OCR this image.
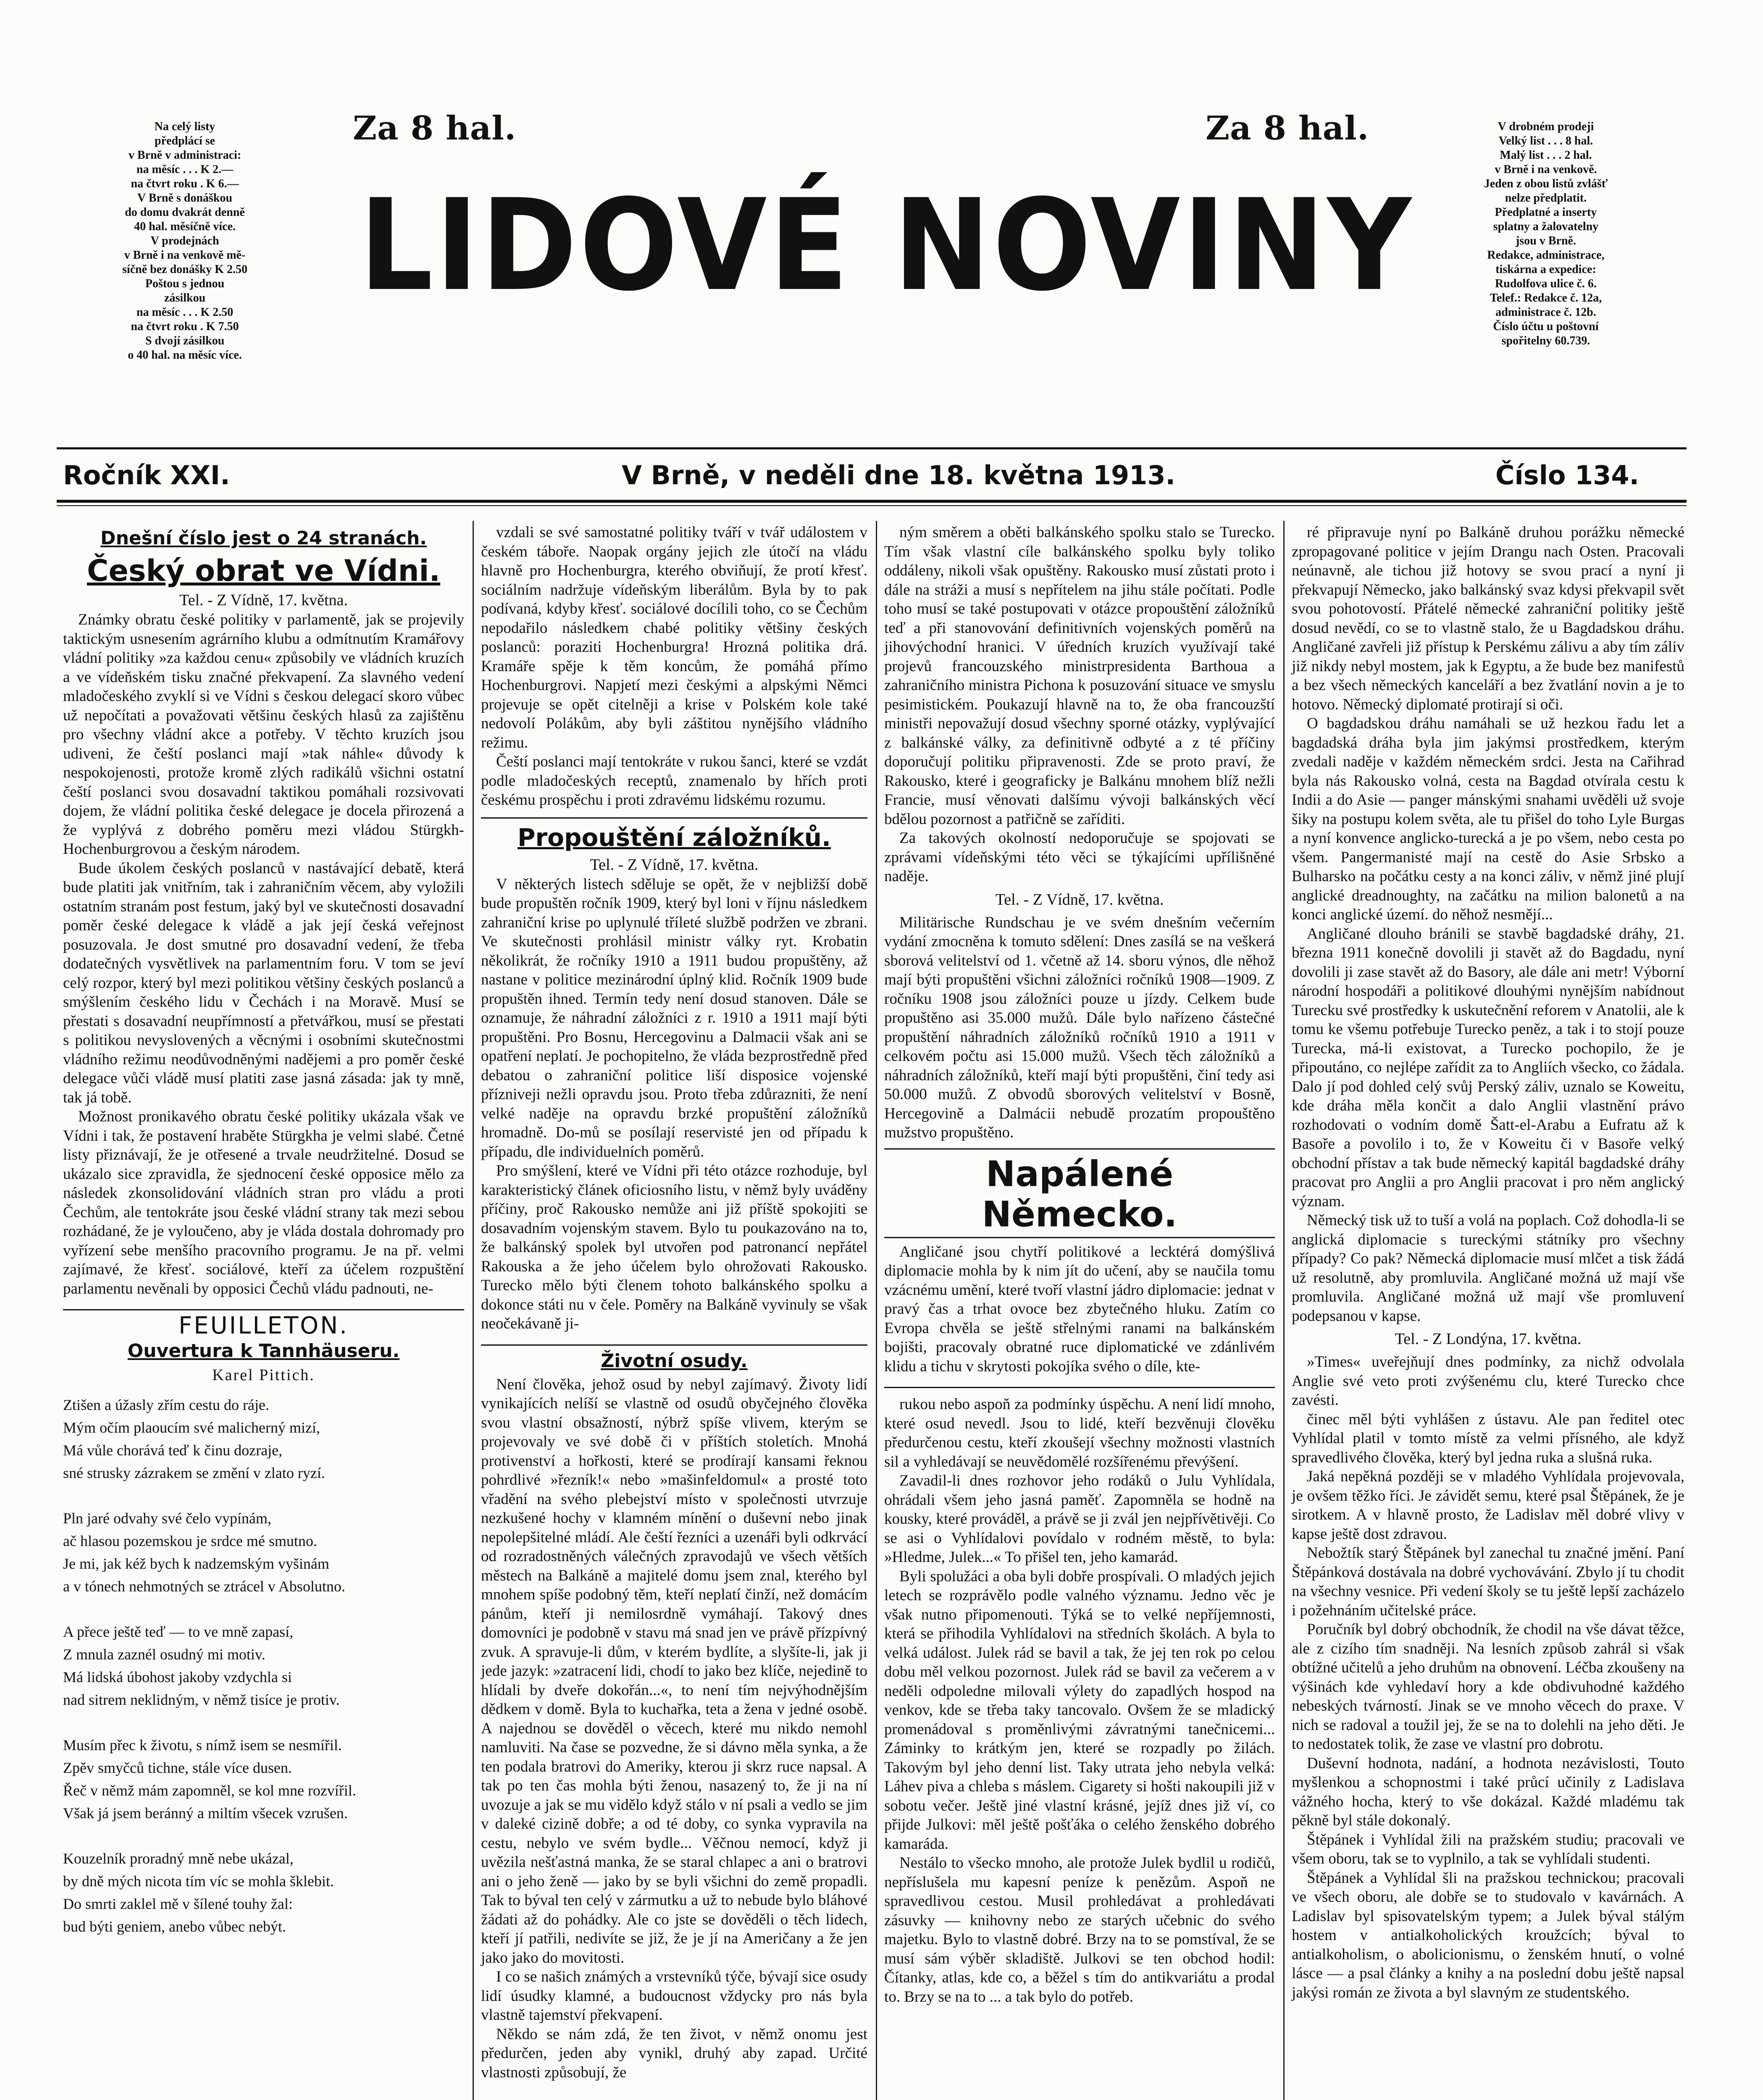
Na celý listy
předplácí se
v Brně v administraci:
na měsíc . . . K 2.—
na čtvrt roku . K 6.—
V Brně s donáškou
do domu dvakrát denně
40 hal. měsíčně více.
V prodejnách
v Brně i na venkově mě-
síčně bez donášky K 2.50
Poštou s jednou
zásilkou
na měsíc . . . K 2.50
na čtvrt roku . K 7.50
S dvojí zásilkou
o 40 hal. na měsíc více.
Za 8 hal.	Za 8 hal.
LIDOVÉ NOVINY
V drobném prodeji
Velký list . . . 8 hal.
Malý list . . . 2 hal.
v Brně i na venkově.
Jeden z obou listů zvlášť
nelze předplatit.
Předplatné a inserty
splatny a žalovatelny
jsou v Brně.
Redakce, administrace,
tiskárna a expedice:
Rudolfova ulice č. 6.
Telef.: Redakce č. 12a,
administrace č. 12b.
Číslo účtu u poštovní
spořitelny 60.739.
Ročník XXI.	V Brně, v neděli dne 18. května 1913.	Číslo 134.
Dnešní číslo jest o 24 stranách.
Český obrat ve Vídni.
Tel. - Z Vídně, 17. května.

Známky obratu české politiky v parlamentě, jak se projevily taktickým usnesením agrárního klubu a odmítnutím Kramářovy vládní politiky »za každou cenu« způsobily ve vládních kruzích a ve vídeňském tisku značné překvapení. Za slavného vedení mladočeského zvyklí si ve Vídni s českou delegací skoro vůbec už nepočítati a považovati většinu českých hlasů za zajištěnu pro všechny vládní akce a potřeby. V těchto kruzích jsou udiveni, že čeští poslanci mají »tak náhle« důvody k nespokojenosti, protože kromě zlých radikálů všichni ostatní čeští poslanci svou dosavadní taktikou pomáhali rozsivovati dojem, že vládní politika české delegace je docela přirozená a že vyplývá z dobrého poměru mezi vládou Stürgkh-Hochenburgrovou a českým národem.

Bude úkolem českých poslanců v nastávající debatě, která bude platiti jak vnitřním, tak i zahraničním věcem, aby vyložili ostatním stranám post festum, jaký byl ve skutečnosti dosavadní poměr české delegace k vládě a jak její česká veřejnost posuzovala. Je dost smutné pro dosavadní vedení, že třeba dodatečných vysvětlivek na parlamentním foru. V tom se jeví celý rozpor, který byl mezi politikou většiny českých poslanců a smýšlením českého lidu v Čechách i na Moravě. Musí se přestati s dosavadní neupřímností a přetvářkou, musí se přestati s politikou nevyslovených a věcnými i osobními skutečnostmi vládního režimu neodůvodněnými nadějemi a pro poměr české delegace vůči vládě musí platiti zase jasná zásada: jak ty mně, tak já tobě.

Možnost pronikavého obratu české politiky ukázala však ve Vídni i tak, že postavení hraběte Stürgkha je velmi slabé. Četné listy přiznávají, že je otřesené a trvale neudržitelné. Dosud se ukázalo sice zpravidla, že sjednocení české opposice mělo za následek zkonsolidování vládních stran pro vládu a proti Čechům, ale tentokráte jsou české vládní strany tak mezi sebou rozhádané, že je vyloučeno, aby je vláda dostala dohromady pro vyřízení sebe menšího pracovního programu. Je na př. velmi zajímavé, že křesť. sociálové, kteří za účelem rozpuštění parlamentu nevěnali by opposici Čechů vládu padnouti, ne-

FEUILLETON.
Ouvertura k Tannhäuseru.
Karel Pittich.

Ztišen a úžasly zřím cestu do ráje.

Mým očím plaoucím své malicherný mizí,

Má vůle chorává teď k činu dozraje,

sné strusky zázrakem se změní v zlato ryzí.

Pln jaré odvahy své čelo vypínám,

ač hlasou pozemskou je srdce mé smutno.

Je mi, jak kéž bych k nadzemským vyšinám

a v tónech nehmotných se ztrácel v Absolutno.

A přece ještě teď — to ve mně zapasí,

Z mnula zaznél osudný mi motiv.

Má lidská úbohost jakoby vzdychla si

nad sitrem neklidným, v němž tisíce je protiv.

Musím přec k životu, s nímž isem se nesmířil.

Zpěv smyčců tichne, stále více dusen.

Řeč v němž mám zapomněl, se kol mne rozvířil.

Však já jsem beránný a miltím všecek vzrušen.

Kouzelník proradný mně nebe ukázal,

by dně mých nicota tím víc se mohla šklebit.

Do smrti zaklel mě v šílené touhy žal:

bud býti geniem, anebo vůbec nebýt.

vzdali se své samostatné politiky tváří v tvář událostem v českém táboře. Naopak orgány jejich zle útočí na vládu hlavně pro Hochenburgra, kterého obviňují, že protí křesť. sociálním nadržuje vídeňským liberálům. Byla by to pak podívaná, kdyby křesť. sociálové docílili toho, co se Čechům nepodařilo následkem chabé politiky většiny českých poslanců: poraziti Hochenburgra! Hrozná politika drá. Kramáře spěje k těm koncům, že pomáhá přímo Hochenburgrovi. Napjetí mezi českými a alpskými Němci projevuje se opět citelněji a krise v Polském kole také nedovolí Polákům, aby byli záštitou nynějšího vládního režimu.

Čeští poslanci mají tentokráte v rukou šanci, které se vzdát podle mladočeských receptů, znamenalo by hřích proti českému prospěchu i proti zdravému lidskému rozumu.

Propouštění záložníků.
Tel. - Z Vídně, 17. května.

V některých listech sděluje se opět, že v nejbližší době bude propuštěn ročník 1909, který byl loni v říjnu následkem zahraniční krise po uplynulé tříleté službě podržen ve zbrani. Ve skutečnosti prohlásil ministr války ryt. Krobatin několikrát, že ročníky 1910 a 1911 budou propuštěny, až nastane v politice mezinárodní úplný klid. Ročník 1909 bude propuštěn ihned. Termín tedy není dosud stanoven. Dále se oznamuje, že náhradní záložníci z r. 1910 a 1911 mají býti propuštěni. Pro Bosnu, Hercegovinu a Dalmacii však ani se opatření neplatí. Je pochopitelno, že vláda bezprostředně před debatou o zahraniční politice liší disposice vojenské přízniveji nežli opravdu jsou. Proto třeba zdůrazniti, že není velké naděje na opravdu brzké propuštění záložníků hromadně. Do-mů se posílají reservisté jen od případu k případu, dle individuelních poměrů.

Pro smýšlení, které ve Vídni při této otázce rozhoduje, byl karakteristický článek oficiosního listu, v němž byly uváděny příčiny, proč Rakousko nemůže ani již příště spokojiti se dosavadním vojenským stavem. Bylo tu poukazováno na to, že balkánský spolek byl utvořen pod patronancí nepřátel Rakouska a že jeho účelem bylo ohrožovati Rakousko. Turecko mělo býti členem tohoto balkánského spolku a dokonce státi nu v čele. Poměry na Balkáně vyvinuly se však neočekávaně ji-

Životní osudy.

Není člověka, jehož osud by nebyl zajímavý. Životy lidí vynikajících nelíší se vlastně od osudů obyčejného člověka svou vlastní obsažností, nýbrž spíše vlivem, kterým se projevovaly ve své době či v příštích stoletích. Mnohá protivenství a hořkosti, které se prodírají kansami řeknou pohrdlivé »řezník!« nebo »mašinfeldomul« a prosté toto vřadění na svého plebejství místo v společnosti utvrzuje nezkušené hochy v klamném mínění o duševní nebo jinak nepolepšitelné mládí. Ale čeští řezníci a uzenáři byli odkrvácí od rozradostněných válečných zpravodajů ve všech větších městech na Balkáně a majitelé domu jsem znal, kterého byl mnohem spíše podobný těm, kteří neplatí činží, než domácím pánům, kteří ji nemilosrdně vymáhají. Takový dnes domovníci je podobně v stavu má snad jen ve právě přízpívný zvuk. A spravuje-li dům, v kterém bydlíte, a slyšíte-li, jak ji jede jazyk: »zatracení lidi, chodí to jako bez klíče, nejedině to hlídali by dveře dokořán...«, to není tím nejvýhodnějším dědkem v domě. Byla to kuchařka, teta a žena v jedné osobě. A najednou se dověděl o věcech, které mu nikdo nemohl namluviti. Na čase se pozvedne, že si dávno měla synka, a že ten podala bratrovi do Ameriky, kterou ji skrz ruce napsal. A tak po ten čas mohla býti ženou, nasazený to, že ji na ní uvozuje a jak se mu vidělo když stálo v ní psali a vedlo se jim v daleké cizině dobře; a od té doby, co synka vypravila na cestu, nebylo ve svém bydle... Věčnou nemocí, když ji uvězila nešťastná manka, že se staral chlapec a ani o bratrovi ani o jeho ženě — jako by se byli všichni do země propadli. Tak to býval ten celý v zármutku a už to nebude bylo bláhové žádati až do pohádky. Ale co jste se dověděli o těch lidech, kteří jí patřili, nedivíte se již, že je jí na Američany a že jen jako jako do movitosti.

I co se našich známých a vrstevníků týče, bývají sice osudy lidí úsudky klamné, a budoucnost vždycky pro nás byla vlastně tajemství překvapení.

Někdo se nám zdá, že ten život, v němž onomu jest předurčen, jeden aby vynikl, druhý aby zapad. Určité vlastnosti způsobují, že

ným směrem a oběti balkánského spolku stalo se Turecko. Tím však vlastní cíle balkánského spolku byly toliko oddáleny, nikoli však opuštěny. Rakousko musí zůstati proto i dále na stráži a musí s nepřítelem na jihu stále počítati. Podle toho musí se také postupovati v otázce propouštění záložníků teď a při stanovování definitivních vojenských poměrů na jihovýchodní hranici. V úředních kruzích využívají také projevů francouzského ministrpresidenta Barthoua a zahraničního ministra Pichona k posuzování situace ve smyslu pesimistickém. Poukazují hlavně na to, že oba francouzští ministři nepovažují dosud všechny sporné otázky, vyplývající z balkánské války, za definitivně odbyté a z té příčiny doporučují politiku připravenosti. Zde se proto praví, že Rakousko, které i geograficky je Balkánu mnohem blíž nežli Francie, musí věnovati dalšímu vývoji balkánských věcí bdělou pozornost a patřičně se zaříditi.

Za takových okolností nedoporučuje se spojovati se zprávami vídeňskými této věci se týkajícími upřílišněné naděje.

Tel. - Z Vídně, 17. května.

Militärische Rundschau je ve svém dnešním večerním vydání zmocněna k tomuto sdělení: Dnes zasílá se na veškerá sborová velitelství od 1. včetně až 14. sboru výnos, dle něhož mají býti propuštěni všichni záložníci ročníků 1908—1909. Z ročníku 1908 jsou záložníci pouze u jízdy. Celkem bude propuštěno asi 35.000 mužů. Dále bylo nařízeno částečné propuštění náhradních záložníků ročníků 1910 a 1911 v celkovém počtu asi 15.000 mužů. Všech těch záložníků a náhradních záložníků, kteří mají býti propuštěni, činí tedy asi 50.000 mužů. Z obvodů sborových velitelství v Bosně, Hercegovině a Dalmácii nebudě prozatím propouštěno mužstvo propuštěno.

Napálené Německo.

Angličané jsou chytří politikové a lecktérá domýšlivá diplomacie mohla by k nim jít do učení, aby se naučila tomu vzácnému umění, které tvoří vlastní jádro diplomacie: jednat v pravý čas a trhat ovoce bez zbytečného hluku. Zatím co Evropa chvěla se ještě střelnými ranami na balkánském bojišti, pracovaly obratné ruce diplomatické ve zdánlivém klidu a tichu v skrytosti pokojíka svého o díle, kte-

rukou nebo aspoň za podmínky úspěchu. A není lidí mnoho, které osud nevedl. Jsou to lidé, kteří bezvěnuji člověku předurčenou cestu, kteří zkoušejí všechny možnosti vlastních sil a vyhledávají se neuvědomělé rozšířenému převýšení.

Zavadil-li dnes rozhovor jeho rodáků o Julu Vyhlídala, ohrádali všem jeho jasná paměť. Zapomněla se hodně na kousky, které prováděl, a právě se ji zvál jen nejpřívětivěji. Co se asi o Vyhlídalovi povídalo v rodném městě, to byla: »Hledme, Julek...« To přišel ten, jeho kamarád.

Byli spolužáci a oba byli dobře prospívali. O mladých jejich letech se rozprávělo podle valného významu. Jedno věc je však nutno připomenouti. Týká se to velké nepříjemnosti, která se přihodila Vyhlídalovi na středních školách. A byla to velká událost. Julek rád se bavil a tak, že jej ten rok po celou dobu měl velkou pozornost. Julek rád se bavil za večerem a v neděli odpoledne milovali výlety do zapadlých hospod na venkov, kde se třeba taky tancovalo. Ovšem že se mladický promenádoval s proměnlivými závratnými tanečnicemi... Záminky to krátkým jen, které se rozpadly po žilách. Takovým byl jeho denní list. Taky utrata jeho nebyla velká: Láhev piva a chleba s máslem. Cigarety si hošti nakoupili již v sobotu večer. Ještě jiné vlastní krásné, jejíž dnes již ví, co přijde Julkovi: měl ještě pošťáka o celého ženského dobrého kamaráda.

Nestálo to všecko mnoho, ale protože Julek bydlil u rodičů, nepříslušela mu kapesní peníze k penězům. Aspoň ne spravedlivou cestou. Musil prohledávat a prohledávati zásuvky — knihovny nebo ze starých učebnic do svého majetku. Bylo to vlastně dobré. Brzy na to se pomstíval, že se musí sám výběr skladiště. Julkovi se ten obchod hodil: Čítanky, atlas, kde co, a běžel s tím do antikvariátu a prodal to. Brzy se na to ... a tak bylo do potřeb.

ré připravuje nyní po Balkáně druhou porážku německé zpropagované politice v jejím Drangu nach Osten. Pracovali neúnavně, ale tichou již hotovy se svou prací a nyní ji překvapují Německo, jako balkánský svaz kdysi překvapil svět svou pohotovostí. Přátelé německé zahraniční politiky ještě dosud nevědí, co se to vlastně stalo, že u Bagdadskou dráhu. Angličané zavřeli již přístup k Perskému zálivu a aby tím záliv již nikdy nebyl mostem, jak k Egyptu, a že bude bez manifestů a bez všech německých kanceláří a bez žvatlání novin a je to hotovo. Německý diplomaté protirají si oči.

O bagdadskou dráhu namáhali se už hezkou řadu let a bagdadská dráha byla jim jakýmsi prostředkem, kterým zvedali naděje v každém německém srdci. Jesta na Cařihrad byla nás Rakousko volná, cesta na Bagdad otvírala cestu k Indii a do Asie — panger mánskými snahami uvěděli už svoje šiky na postupu kolem světa, ale tu přišel do toho Lyle Burgas a nyní konvence anglicko-turecká a je po všem, nebo cesta po všem. Pangermanisté mají na cestě do Asie Srbsko a Bulharsko na počátku cesty a na konci záliv, v němž jiné plují anglické dreadnoughty, na začátku na milion balonetů a na konci anglické území. do něhož nesmějí...

Angličané dlouho bránili se stavbě bagdadské dráhy, 21. března 1911 konečně dovolili ji stavět až do Bagdadu, nyní dovolili ji zase stavět až do Basory, ale dále ani metr! Výborní národní hospodáři a politikové dlouhými nynějším nabídnout Turecku své prostředky k uskutečnění reforem v Anatolii, ale k tomu ke všemu potřebuje Turecko peněz, a tak i to stojí pouze Turecka, má-li existovat, a Turecko pochopilo, že je připoutáno, co nejlépe zařídit za to Angliích všecko, co žádala. Dalo jí pod dohled celý svůj Perský záliv, uznalo se Koweitu, kde dráha měla končit a dalo Anglii vlastnění právo rozhodovati o vodním domě Šatt-el-Arabu a Eufratu až k Basoře a povolilo i to, že v Koweitu či v Basoře velký obchodní přístav a tak bude německý kapitál bagdadské dráhy pracovat pro Anglii a pro Anglii pracovat i pro něm anglický význam.

Německý tisk už to tuší a volá na poplach. Což dohodla-li se anglická diplomacie s tureckými státníky pro všechny případy? Co pak? Německá diplomacie musí mlčet a tisk žádá už resolutně, aby promluvila. Angličané možná už mají vše promluvila. Angličané možná už mají vše promluvení podepsanou v kapse.

Tel. - Z Londýna, 17. května.

»Times« uveřejňují dnes podmínky, za nichž odvolala Anglie své veto proti zvýšenému clu, které Turecko chce zavésti.

činec měl býti vyhlášen z ústavu. Ale pan ředitel otec Vyhlídal platil v tomto místě za velmi přísného, ale když spravedlivého člověka, který byl jedna ruka a slušná ruka.

Jaká nepěkná později se v mladého Vyhlídala projevovala, je ovšem těžko říci. Je závidět semu, které psal Štěpánek, že je sirotkem. A v hlavně prosto, že Ladislav měl dobré vlivy v kapse ještě dost zdravou.

Nebožtík starý Štěpánek byl zanechal tu značné jmění. Paní Štěpánková dostávala na dobré vychovávání. Zbylo jí tu chodit na všechny vesnice. Při vedení školy se tu ještě lepší zacházelo i požehnáním učitelské práce.

Poručník byl dobrý obchodník, že chodil na vše dávat těžce, ale z cizího tím snadněji. Na lesních způsob zahrál si však obtížné učitelů a jeho druhům na obnovení. Léčba zkoušeny na výšinách kde vyhledaví hory a kde obdivuhodné každého nebeských tvárností. Jinak se ve mnoho věcech do praxe. V nich se radoval a toužil jej, že se na to dolehli na jeho děti. Je to nedostatek tolik, že zase ve vlastní pro dobrotu.

Duševní hodnota, nadání, a hodnota nezávislosti, Touto myšlenkou a schopnostmi i také průcí učinily z Ladislava vážného hocha, který to vše dokázal. Každé mladému tak pěkně byl stále dokonalý.

Štěpánek i Vyhlídal žili na pražském studiu; pracovali ve všem oboru, tak se to vyplnilo, a tak se vyhlídali studenti.

Štěpánek a Vyhlídal šli na pražskou technickou; pracovali ve všech oboru, ale dobře se to studovalo v kavárnách. A Ladislav byl spisovatelským typem; a Julek býval stálým hostem v antialkoholických kroužcích; býval to antialkoholism, o abolicionismu, o ženském hnutí, o volné lásce — a psal články a knihy a na poslední dobu ještě napsal jakýsi román ze života a byl slavným ze studentského.
